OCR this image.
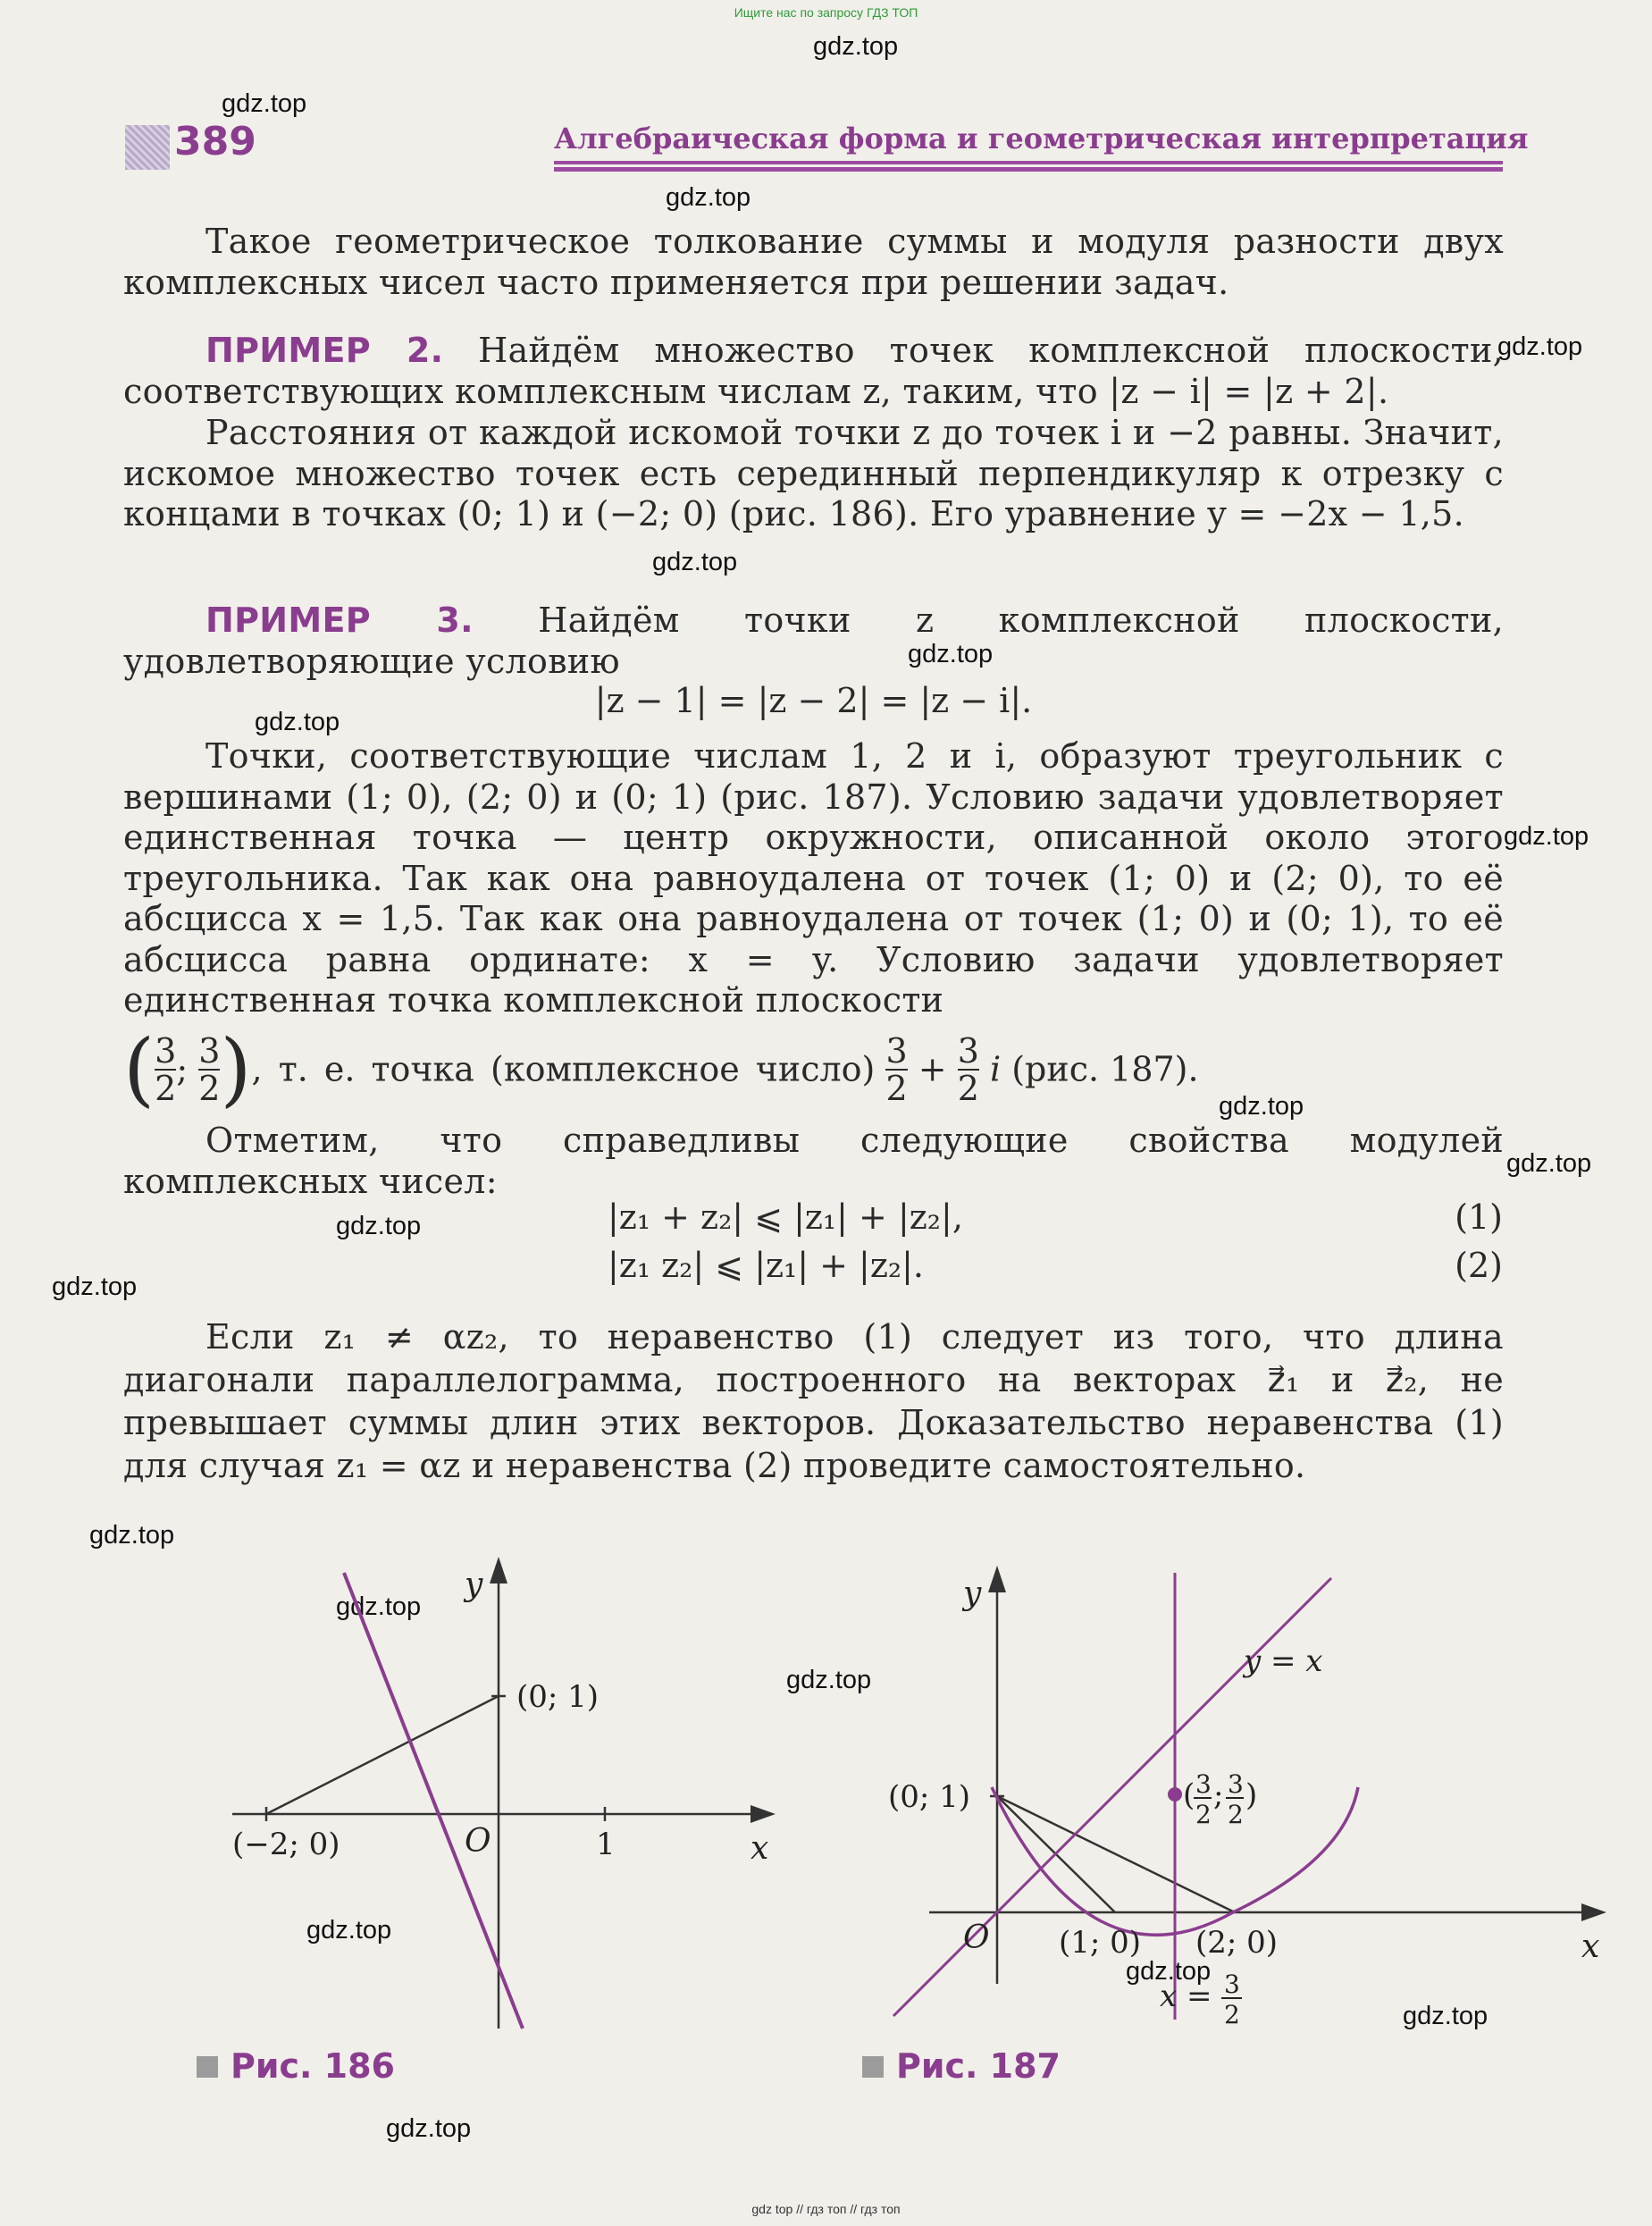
Ищите нас по запросу ГДЗ ТОП
gdz.top
gdz.top
gdz.top
gdz.top
gdz.top
gdz.top
gdz.top
gdz.top
gdz.top
gdz.top
gdz.top
gdz.top
gdz.top
gdz.top
gdz.top
gdz.top
gdz.top
gdz.top
gdz.top
389	Алгебраическая форма и геометрическая интерпретация
Такое геометрическое толкование суммы и модуля разности двух комплексных чисел часто применяется при решении задач.
ПРИМЕР 2. Найдём множество точек комплексной плоскости, соответствующих комплексным числам z, таким, что |z − i| = |z + 2|.
Расстояния от каждой искомой точки z до точек i и −2 равны. Значит, искомое множество точек есть серединный перпендикуляр к отрезку с концами в точках (0; 1) и (−2; 0) (рис. 186). Его уравнение y = −2x − 1,5.
ПРИМЕР 3. Найдём точки z комплексной плоскости, удовлетворяющие условию
|z − 1| = |z − 2| = |z − i|.
Точки, соответствующие числам 1, 2 и i, образуют треугольник с вершинами (1; 0), (2; 0) и (0; 1) (рис. 187). Условию задачи удовлетворяет единственная точка — центр окружности, описанной около этого треугольника. Так как она равноудалена от точек (1; 0) и (2; 0), то её абсцисса x = 1,5. Так как она равноудалена от точек (1; 0) и (0; 1), то её абсцисса равна ординате: x = y. Условию задачи удовлетворяет единственная точка комплексной плоскости
( $\frac{3}{2}$ ; $\frac{3}{2}$ ), т. е. точка (комплексное число) $\frac{3}{2} + \frac{3}{2}$ i (рис. 187).
Отметим, что справедливы следующие свойства модулей комплексных чисел:
|z₁ + z₂| ⩽ |z₁| + |z₂|,	(1)
|z₁ z₂| ⩽ |z₁| + |z₂|.	(2)
Если z₁ ≠ αz₂, то неравенство (1) следует из того, что длина диагонали параллелограмма, построенного на векторах z⃗₁ и z⃗₂, не превышает суммы длин этих векторов. Доказательство неравенства (1) для случая z₁ = αz и неравенства (2) проведите самостоятельно.
y
x
O	1
(0; 1)
(−2; 0)
Рис. 186
y
x
O
(0; 1)
(1; 0) (2; 0)
y = x
( 3
2
; 3
2
)
x = 3
2
Рис. 187
gdz top // гдз топ // гдз топ
